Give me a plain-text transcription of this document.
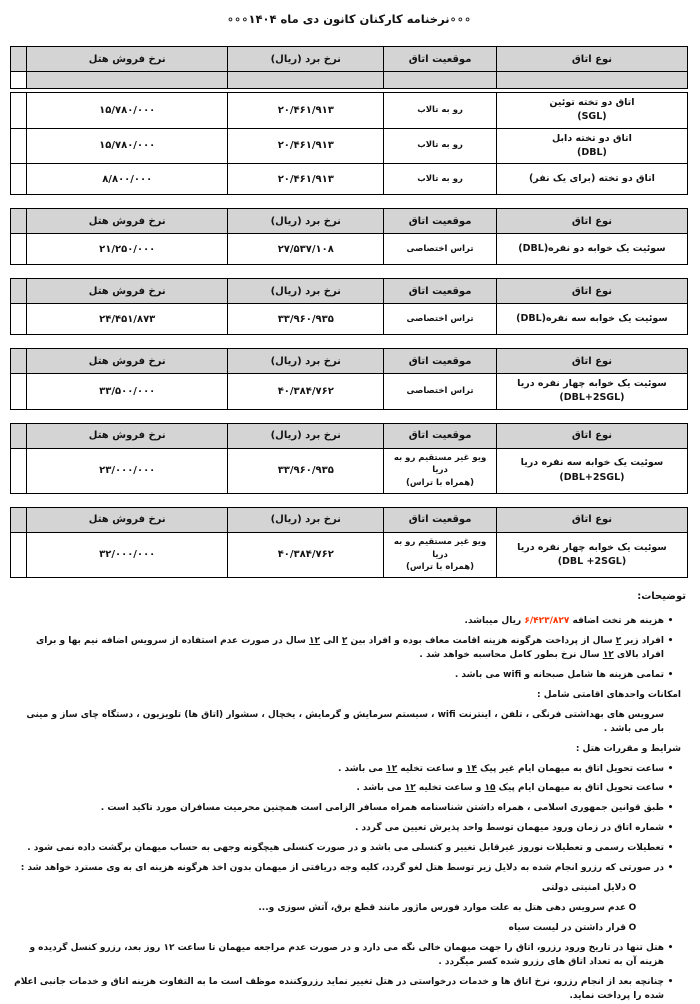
∘∘∘نرخنامه کارکنان کانون دی ماه ۱۴۰۴∘∘∘
نوع اتاق	موقعیت اتاق	نرخ برد (ریال)	نرخ فروش هتل	

اتاق دو تخته توئین
(SGL)	رو به تالاب	۲۰/۴۶۱/۹۱۳	۱۵/۷۸۰/۰۰۰	
اتاق دو تخته دابل
(DBL)	رو به تالاب	۲۰/۴۶۱/۹۱۳	۱۵/۷۸۰/۰۰۰	
اتاق دو تخته (برای یک نفر)	رو به تالاب	۲۰/۴۶۱/۹۱۳	۸/۸۰۰/۰۰۰	
نوع اتاق	موقعیت اتاق	نرخ برد (ریال)	نرخ فروش هتل	
سوئیت یک خوابه دو نفره(DBL)	تراس اختصاصی	۲۷/۵۳۷/۱۰۸	۲۱/۲۵۰/۰۰۰	
نوع اتاق	موقعیت اتاق	نرخ برد (ریال)	نرخ فروش هتل	
سوئیت یک خوابه سه نفره(DBL)	تراس اختصاصی	۳۳/۹۶۰/۹۳۵	۲۴/۴۵۱/۸۷۳	
نوع اتاق	موقعیت اتاق	نرخ برد (ریال)	نرخ فروش هتل	
سوئیت یک خوابه چهار نفره دریا
(DBL+2SGL)	تراس اختصاصی	۴۰/۳۸۴/۷۶۲	۳۳/۵۰۰/۰۰۰	
نوع اتاق	موقعیت اتاق	نرخ برد (ریال)	نرخ فروش هتل	
سوئیت یک خوابه سه نفره دریا
(DBL+2SGL)	ویو غیر مستقیم رو به دریا
(همراه با تراس)	۳۳/۹۶۰/۹۳۵	۲۳/۰۰۰/۰۰۰	
نوع اتاق	موقعیت اتاق	نرخ برد (ریال)	نرخ فروش هتل	
سوئیت یک خوابه چهار نفره دریا
(DBL +2SGL)	ویو غیر مستقیم رو به دریا
(همراه با تراس)	۴۰/۳۸۴/۷۶۲	۳۲/۰۰۰/۰۰۰	
توضیحات:
•
هزینه هر تخت اضافه ۶/۴۲۳/۸۲۷ ریال میباشد.
•
افراد زیر ۲ سال از پرداخت هرگونه هزینه اقامت معاف بوده و افراد بین ۲ الی ۱۲ سال در صورت عدم استفاده از سرویس اضافه نیم بها و برای افراد بالای ۱۲ سال نرخ بطور کامل محاسبه خواهد شد .
•
تمامی هزینه ها شامل صبحانه و wifi می باشد .
امکانات واحدهای اقامتی شامل :
سرویس های بهداشتی فرنگی ، تلفن ، اینترنت wifi ، سیستم سرمایش و گرمایش ، یخچال ، سشوار (اتاق ها) تلویزیون ، دستگاه چای ساز و مینی بار می باشد .
شرایط و مقررات هتل :
•
ساعت تحویل اتاق به میهمان ایام غیر پیک ۱۴ و ساعت تخلیه ۱۲ می باشد .
•
ساعت تحویل اتاق به میهمان ایام پیک ۱۵ و ساعت تخلیه ۱۲ می باشد .
•
طبق قوانین جمهوری اسلامی ، همراه داشتن شناسنامه همراه مسافر الزامی است همچنین محرمیت مسافران مورد تاکید است .
•
شماره اتاق در زمان ورود میهمان توسط واحد پذیرش تعیین می گردد .
•
تعطیلات رسمی و تعطیلات نوروز غیرقابل تغییر و کنسلی می باشد و در صورت کنسلی هیچگونه وجهی به حساب میهمان برگشت داده نمی شود .
•
در صورتی که رزرو انجام شده به دلایل زیر توسط هتل لغو گردد، کلیه وجه دریافتی از میهمان بدون اخذ هرگونه هزینه ای به وی مسترد خواهد شد :
O
دلایل امنیتی دولتی
O
عدم سرویس دهی هتل به علت موارد فورس ماژور مانند قطع برق، آتش سوزی و...
O
قرار داشتن در لیست سیاه
•
هتل تنها در تاریخ ورود رزرو، اتاق را جهت میهمان خالی نگه می دارد و در صورت عدم مراجعه میهمان تا ساعت ۱۲ روز بعد، رزرو کنسل گردیده و هزینه آن به تعداد اتاق های رزرو شده کسر میگردد .
•
چنانچه بعد از انجام رزرو، نرخ اتاق ها و خدمات درخواستی در هتل تغییر نماید رزروکننده موظف است ما به التفاوت هزینه اتاق و خدمات جانبی اعلام شده را پرداخت نماید.
